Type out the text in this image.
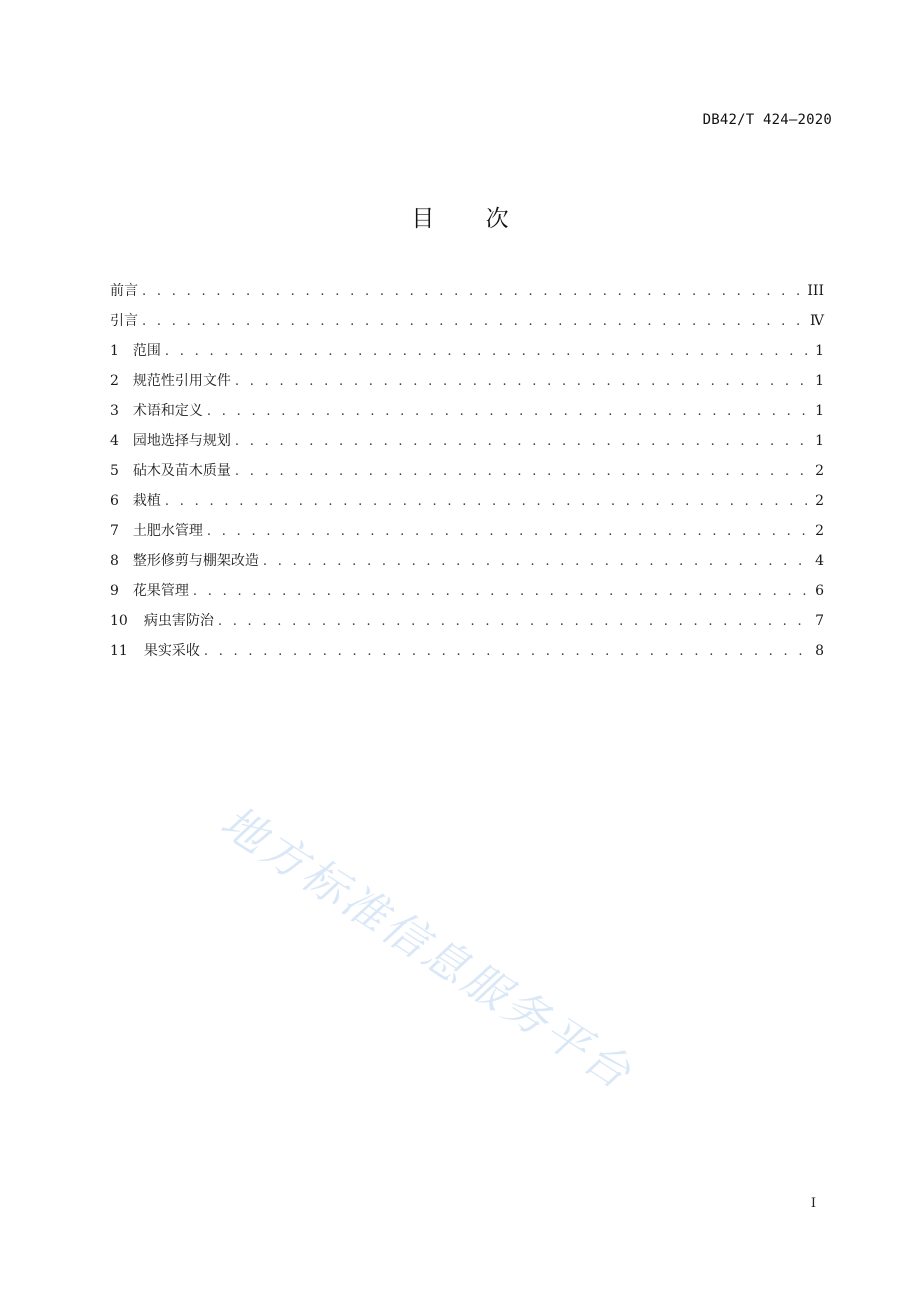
DB42/T 424—2020
目 次
前言 . . .	III
引言 . . .	Ⅳ
1	范围 . . .	1
2	规范性引用文件 . . .	1
3	术语和定义 . . .	1
4	园地选择与规划 . . .	1
5	砧木及苗木质量 . . .	2
6	栽植 . . .	2
7	土肥水管理 . . .	2
8	整形修剪与棚架改造 . . .	4
9	花果管理 . . .	6
10	病虫害防治 . . .	7
11	果实采收 . . .	8
地方标准信息服务平台
I
